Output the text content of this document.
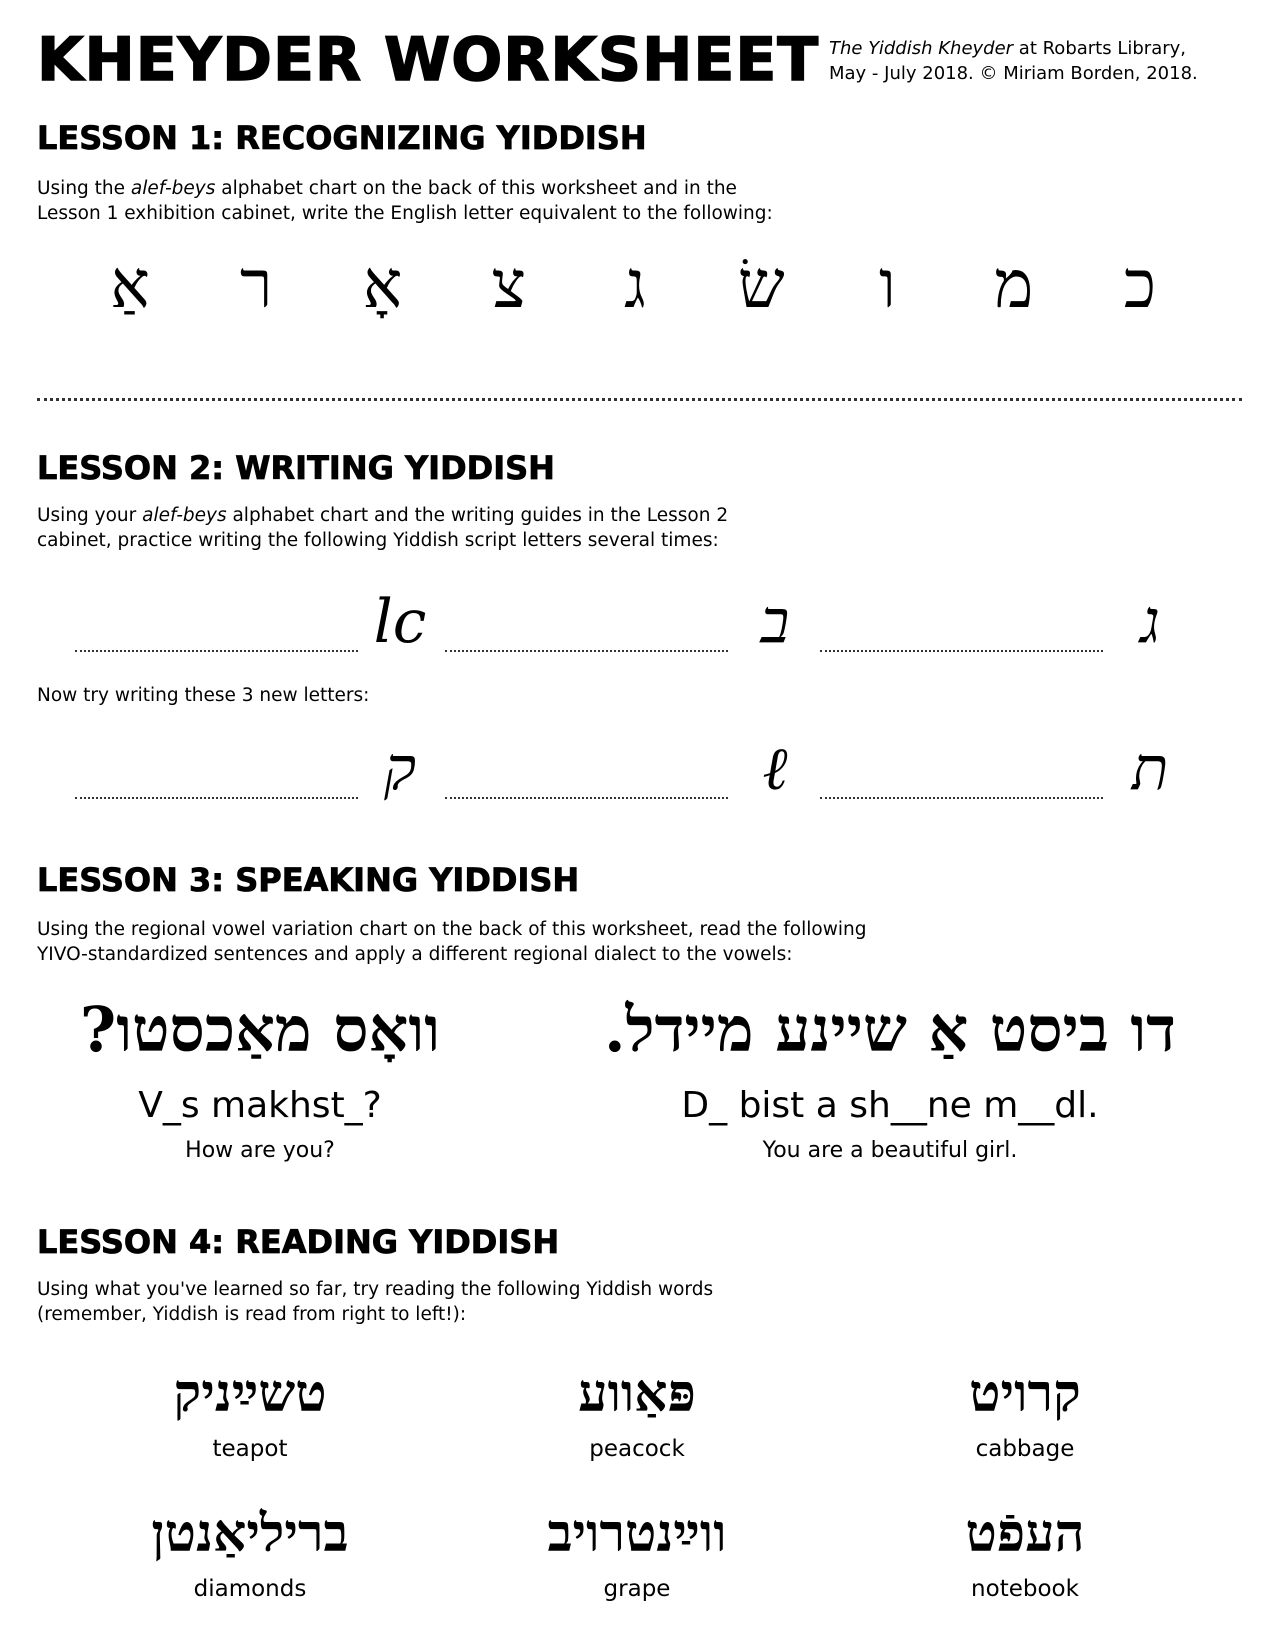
KHEYDER WORKSHEET The Yiddish Kheyder at Robarts Library,
May - July 2018. © Miriam Borden, 2018.
LESSON 1: RECOGNIZING YIDDISH
Using the alef-beys alphabet chart on the back of this worksheet and in the
Lesson 1 exhibition cabinet, write the English letter equivalent to the following:
אַ	ר	אָ	צ	ג	שׂ	ו	מ	כ
LESSON 2: WRITING YIDDISH
Using your alef-beys alphabet chart and the writing guides in the Lesson 2
cabinet, practice writing the following Yiddish script letters several times:
lc	ב	ג
Now try writing these 3 new letters:
ק	ℓ	ת
LESSON 3: SPEAKING YIDDISH
Using the regional vowel variation chart on the back of this worksheet, read the following
YIVO-standardized sentences and apply a different regional dialect to the vowels:
וואָס מאַכסטו?
V_s makhst_?
How are you?
דו ביסט אַ שיינע מיידל.
D_ bist a sh__ne m__dl.
You are a beautiful girl.
LESSON 4: READING YIDDISH
Using what you've learned so far, try reading the following Yiddish words
(remember, Yiddish is read from right to left!):
טשײַניק
teapot
פּאַווע
peacock
קרויט
cabbage
בריליאַנטן
diamonds
ווײַנטרויב
grape
העפֿט
notebook
